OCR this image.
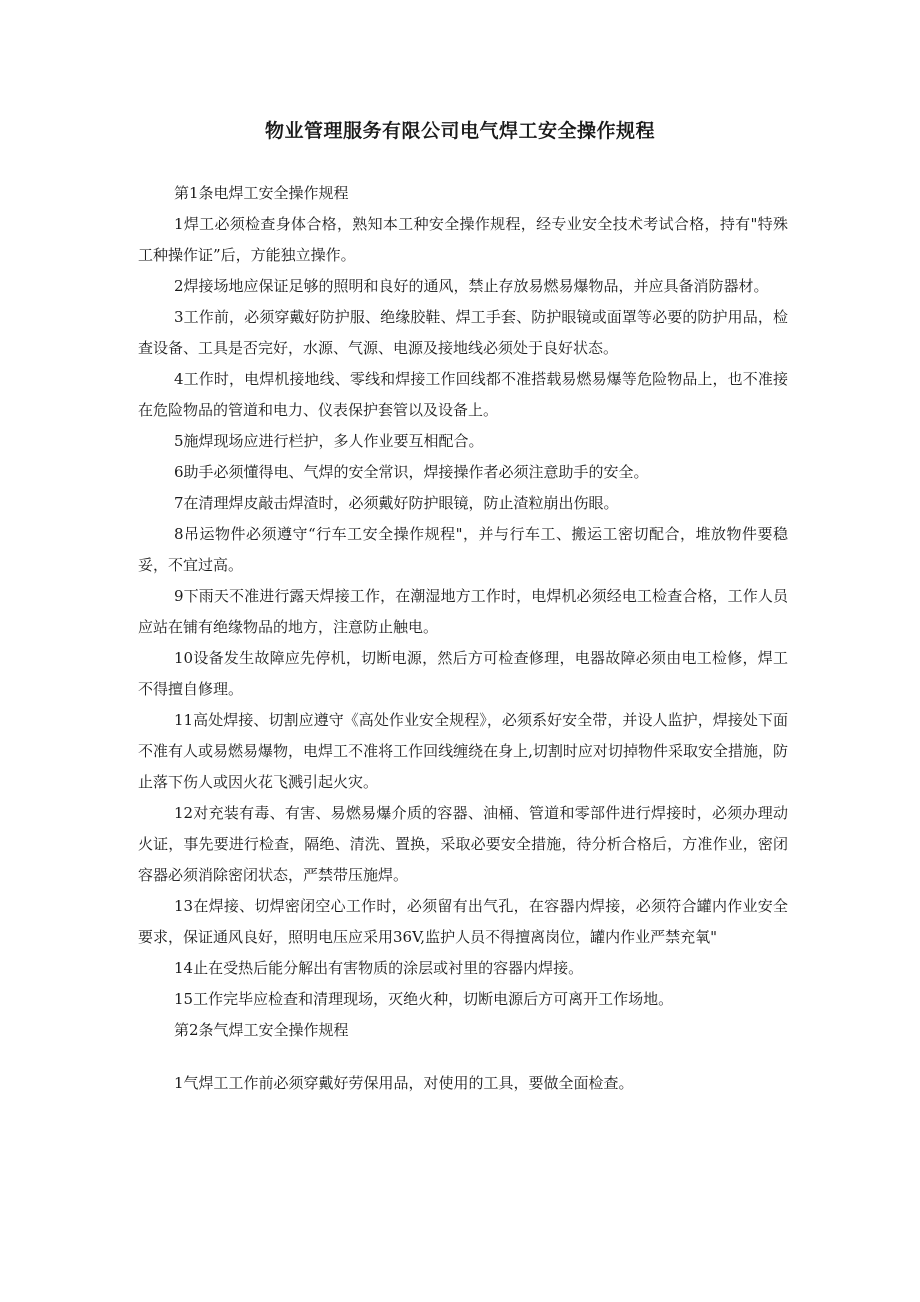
物业管理服务有限公司电气焊工安全操作规程

第1条电焊工安全操作规程

1焊工必须检查身体合格，熟知本工种安全操作规程，经专业安全技术考试合格，持有"特殊工种操作证”后，方能独立操作。

2焊接场地应保证足够的照明和良好的通风，禁止存放易燃易爆物品，并应具备消防器材。

3工作前，必须穿戴好防护服、绝缘胶鞋、焊工手套、防护眼镜或面罩等必要的防护用品，检查设备、工具是否完好，水源、气源、电源及接地线必须处于良好状态。

4工作时，电焊机接地线、零线和焊接工作回线都不准搭载易燃易爆等危险物品上，也不准接在危险物品的管道和电力、仪表保护套管以及设备上。

5施焊现场应进行栏护，多人作业要互相配合。

6助手必须懂得电、气焊的安全常识，焊接操作者必须注意助手的安全。

7在清理焊皮敲击焊渣时，必须戴好防护眼镜，防止渣粒崩出伤眼。

8吊运物件必须遵守“行车工安全操作规程"，并与行车工、搬运工密切配合，堆放物件要稳妥，不宜过高。

9下雨天不准进行露天焊接工作，在潮湿地方工作时，电焊机必须经电工检查合格，工作人员应站在铺有绝缘物品的地方，注意防止触电。

10设备发生故障应先停机，切断电源，然后方可检查修理，电器故障必须由电工检修，焊工不得擅自修理。

11高处焊接、切割应遵守《高处作业安全规程》，必须系好安全带，并设人监护，焊接处下面不准有人或易燃易爆物，电焊工不准将工作回线缠绕在身上,切割时应对切掉物件采取安全措施，防止落下伤人或因火花飞溅引起火灾。

12对充装有毒、有害、易燃易爆介质的容器、油桶、管道和零部件进行焊接时，必须办理动火证，事先要进行检查，隔绝、清洗、置换，采取必要安全措施，待分析合格后，方准作业，密闭容器必须消除密闭状态，严禁带压施焊。

13在焊接、切焊密闭空心工作时，必须留有出气孔，在容器内焊接，必须符合罐内作业安全要求，保证通风良好，照明电压应采用36V,监护人员不得擅离岗位，罐内作业严禁充氧"

14止在受热后能分解出有害物质的涂层或衬里的容器内焊接。

15工作完毕应检查和清理现场，灭绝火种，切断电源后方可离开工作场地。

第2条气焊工安全操作规程

1气焊工工作前必须穿戴好劳保用品，对使用的工具，要做全面检查。
